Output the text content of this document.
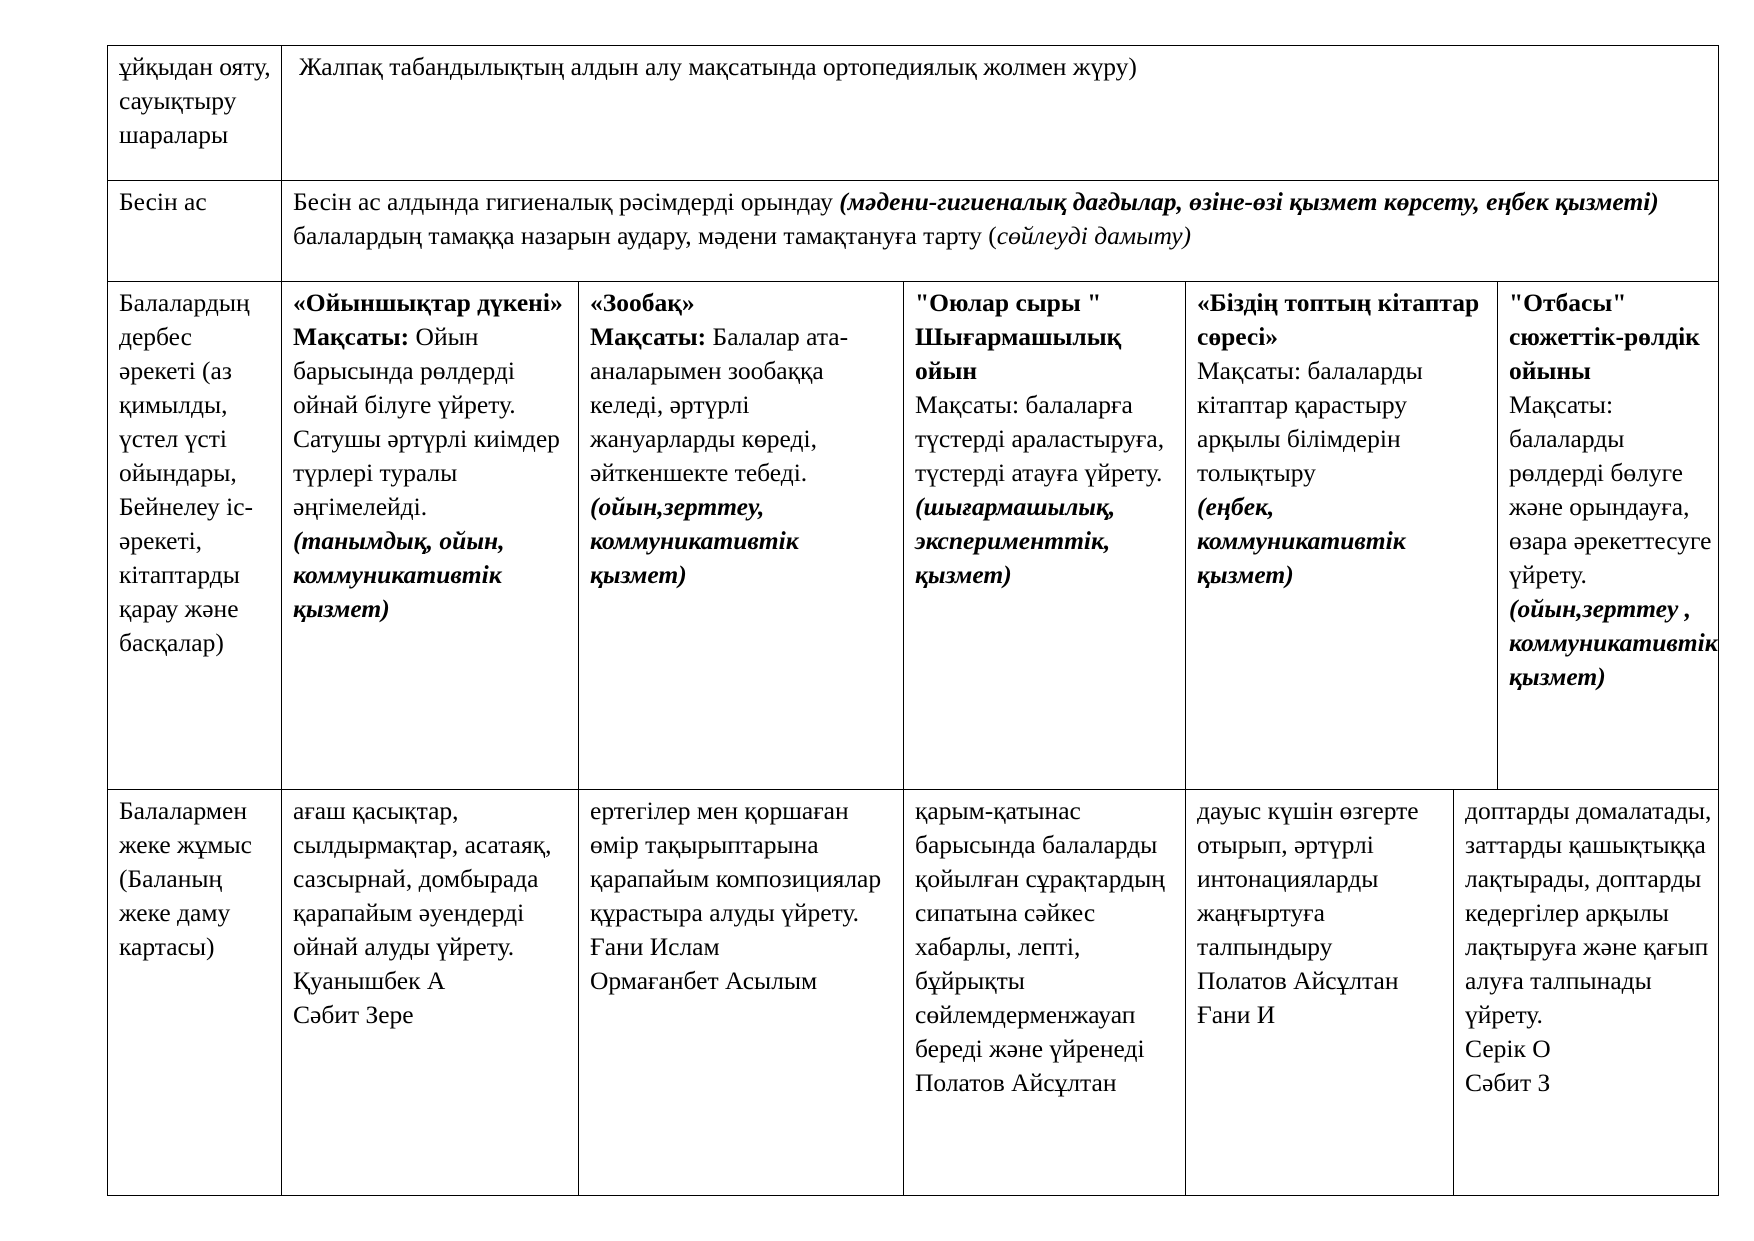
ұйқыдан ояту, сауықтыру шаралары

Жалпақ табандылықтың алдын алу мақсатында ортопедиялық жолмен жүру)

Бесін ас	Бесін ас алдында гигиеналық рәсімдерді орындау (мәдени-гигиеналық дағдылар, өзіне-өзі қызмет көрсету, еңбек қызметі) балалардың тамаққа назарын аудару, мәдени тамақтануға тарту (сөйлеуді дамыту)

Балалардың дербес әрекеті (аз қимылды, үстел үсті ойындары, Бейнелеу іс- әрекеті, кітаптарды қарау және басқалар)

«Ойыншықтар дүкені»
Мақсаты: Ойын барысында рөлдерді ойнай білуге үйрету. Сатушы әртүрлі киімдер түрлері туралы әңгімелейді.
(танымдық, ойын, коммуникативтік қызмет)

«Зообақ»
Мақсаты: Балалар ата-аналарымен зообаққа келеді, әртүрлі жануарларды көреді, әйткеншекте тебеді.
(ойын,зерттеу, коммуникативтік қызмет)

"Оюлар сыры " Шығармашылық ойын
Мақсаты: балаларға түстерді араластыруға, түстерді атауға үйрету.
(шығармашылық, эксперименттік, қызмет)

«Біздің топтың кітаптар сөресі»
Мақсаты: балаларды кітаптар қарастыру арқылы білімдерін толықтыру
(еңбек, коммуникативтік қызмет)

"Отбасы" сюжеттік-рөлдік ойыны
Мақсаты: балаларды рөлдерді бөлуге және орындауға, өзара әрекеттесуге үйрету.
(ойын,зерттеу , коммуникативтік қызмет)

Балалармен жеке жұмыс (Баланың жеке даму картасы)

ағаш қасықтар, сылдырмақтар, асатаяқ, сазсырнай, домбырада қарапайым әуендерді ойнай алуды үйрету.

Қуанышбек А

Сәбит Зере

ертегілер мен қоршаған өмір тақырыптарына қарапайым композициялар құрастыра алуды үйрету.

Ғани Ислам

Ормағанбет Асылым

қарым-қатынас барысында балаларды қойылған сұрақтардың сипатына сәйкес хабарлы, лепті, бұйрықты сөйлемдерменжауап береді және үйренеді

Полатов Айсұлтан

дауыс күшін өзгерте отырып, әртүрлі интонацияларды жаңғыртуға талпындыру

Полатов Айсұлтан

Ғани И

доптарды домалатады, заттарды қашықтыққа лақтырады, доптарды кедергілер арқылы лақтыруға және қағып алуға талпынады үйрету.

Серік О

Сәбит З
